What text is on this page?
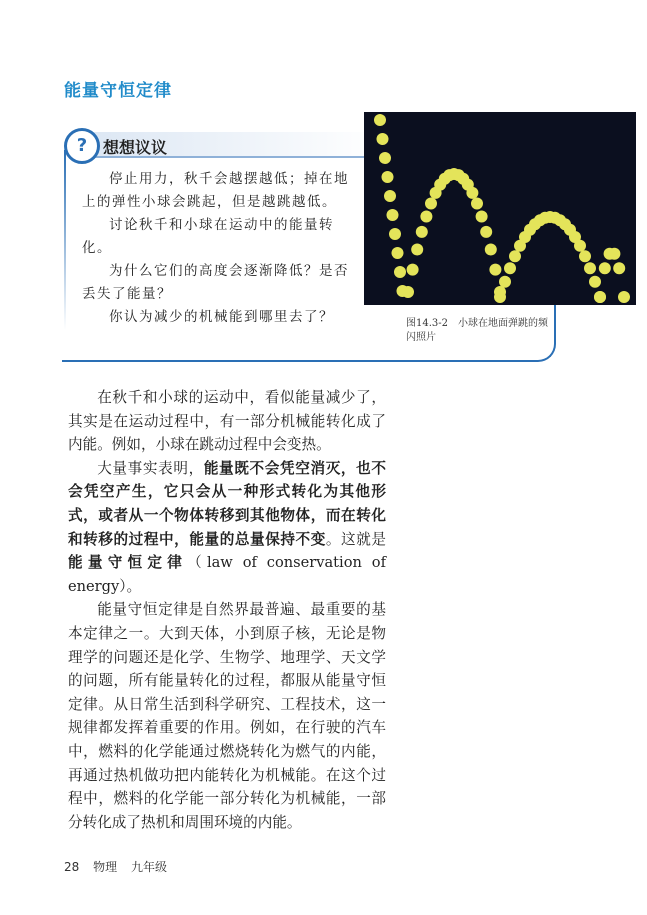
能量守恒定律
? 想想议议

停止用力，秋千会越摆越低；掉在地上的弹性小球会跳起，但是越跳越低。

讨论秋千和小球在运动中的能量转化。

为什么它们的高度会逐渐降低？是否丢失了能量？

你认为减少的机械能到哪里去了？	图14.3-2　小球在地面弹跳的频闪照片

在秋千和小球的运动中，看似能量减少了，其实是在运动过程中，有一部分机械能转化成了内能。例如，小球在跳动过程中会变热。

大量事实表明，能量既不会凭空消灭，也不会凭空产生，它只会从一种形式转化为其他形式，或者从一个物体转移到其他物体，而在转化和转移的过程中，能量的总量保持不变。这就是能量守恒定律（law of conservation of energy）。

能量守恒定律是自然界最普遍、最重要的基本定律之一。大到天体，小到原子核，无论是物理学的问题还是化学、生物学、地理学、天文学的问题，所有能量转化的过程，都服从能量守恒定律。从日常生活到科学研究、工程技术，这一规律都发挥着重要的作用。例如，在行驶的汽车中，燃料的化学能通过燃烧转化为燃气的内能，再通过热机做功把内能转化为机械能。在这个过程中，燃料的化学能一部分转化为机械能，一部分转化成了热机和周围环境的内能。

28 物理 九年级
